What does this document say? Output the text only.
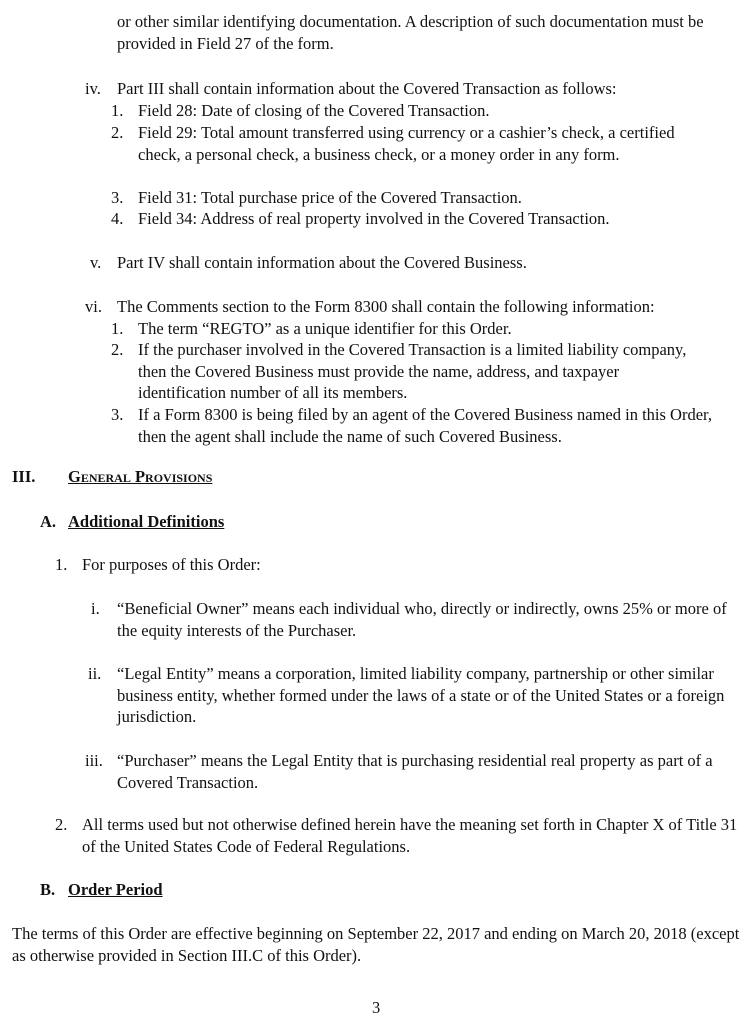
or other similar identifying documentation. A description of such documentation must be provided in Field 27 of the form.

iv. Part III shall contain information about the Covered Transaction as follows:

1. Field 28: Date of closing of the Covered Transaction.

2. Field 29: Total amount transferred using currency or a cashier’s check, a certified check, a personal check, a business check, or a money order in any form.

3. Field 31: Total purchase price of the Covered Transaction.

4. Field 34: Address of real property involved in the Covered Transaction.

v. Part IV shall contain information about the Covered Business.

vi. The Comments section to the Form 8300 shall contain the following information:

1. The term “REGTO” as a unique identifier for this Order.

2. If the purchaser involved in the Covered Transaction is a limited liability company, then the Covered Business must provide the name, address, and taxpayer identification number of all its members.

3. If a Form 8300 is being filed by an agent of the Covered Business named in this Order, then the agent shall include the name of such Covered Business.

III. General Provisions
A. Additional Definitions
1. For purposes of this Order:

i. “Beneficial Owner” means each individual who, directly or indirectly, owns 25% or more of the equity interests of the Purchaser.

ii. “Legal Entity” means a corporation, limited liability company, partnership or other similar business entity, whether formed under the laws of a state or of the United States or a foreign jurisdiction.

iii. “Purchaser” means the Legal Entity that is purchasing residential real property as part of a Covered Transaction.

2. All terms used but not otherwise defined herein have the meaning set forth in Chapter X of Title 31 of the United States Code of Federal Regulations.

B. Order Period

The terms of this Order are effective beginning on September 22, 2017 and ending on March 20, 2018 (except as otherwise provided in Section III.C of this Order).

3
